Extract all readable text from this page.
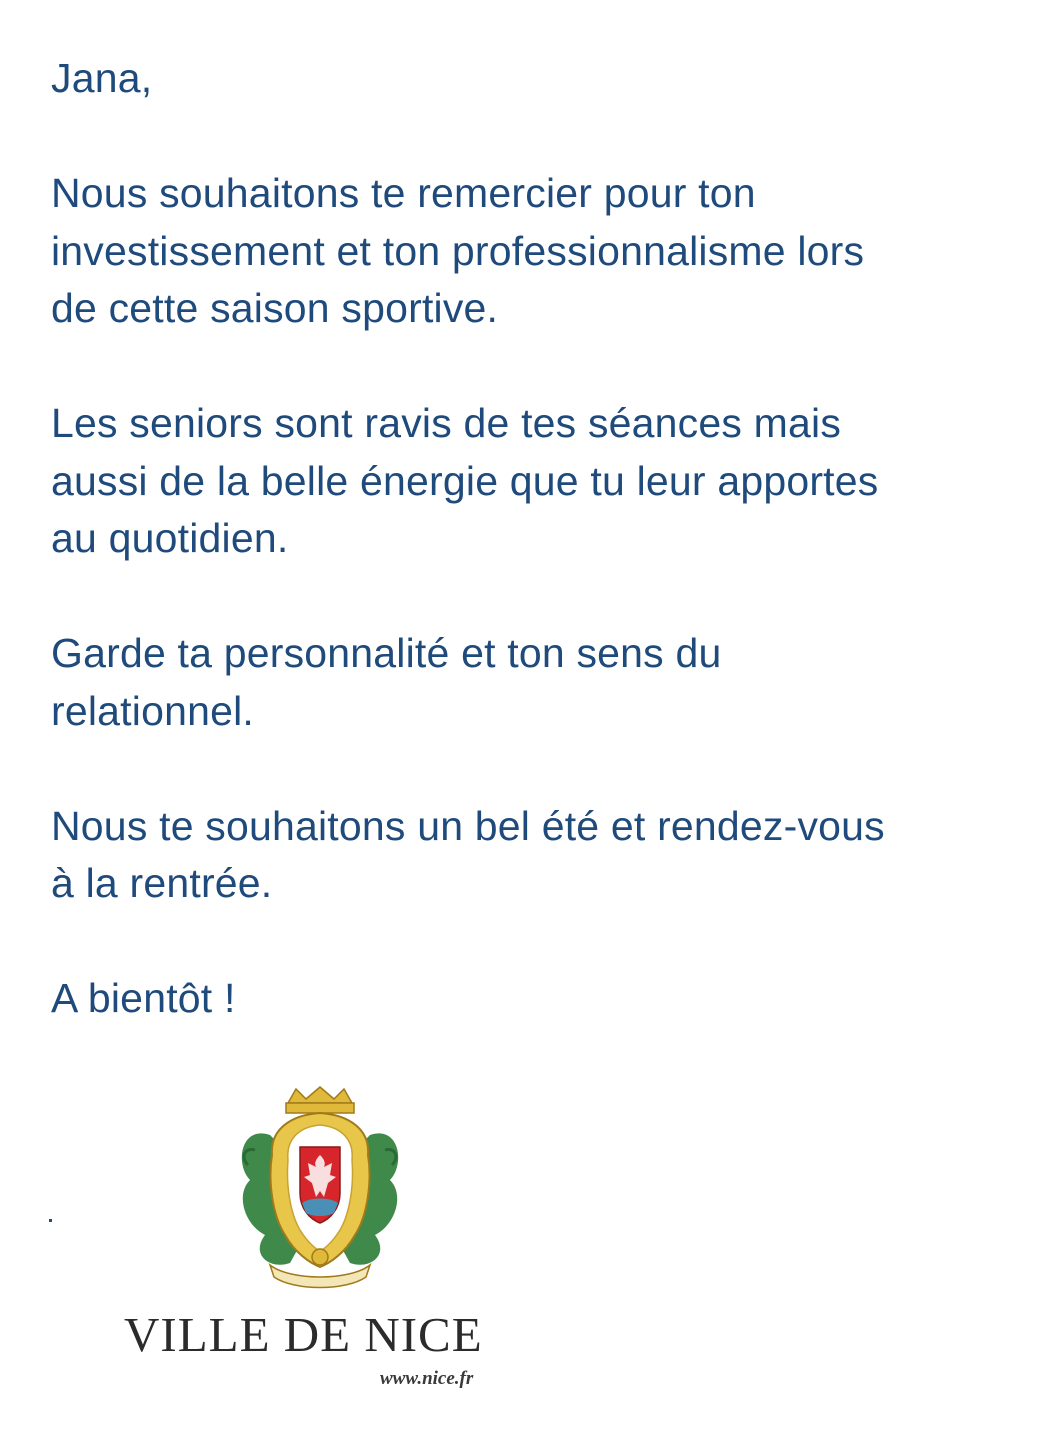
Jana,

Nous souhaitons te remercier pour ton
investissement et ton professionnalisme lors
de cette saison sportive.

Les seniors sont ravis de tes séances mais
aussi de la belle énergie que tu leur apportes
au quotidien.

Garde ta personnalité et ton sens du
relationnel.

Nous te souhaitons un bel été et rendez-vous
à la rentrée.

A bientôt !

VILLE DE NICE
www.nice.fr
